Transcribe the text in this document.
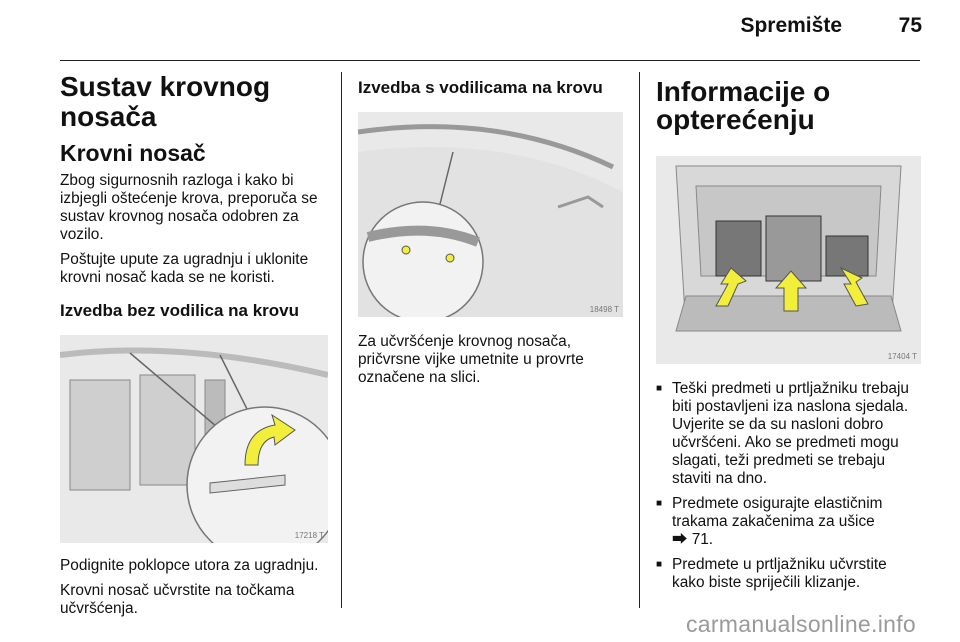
Spremište	75
Sustav krovnog nosača
Krovni nosač

Zbog sigurnosnih razloga i kako bi izbjegli oštećenje krova, preporuča se sustav krovnog nosača odobren za vozilo.

Poštujte upute za ugradnju i uklonite krovni nosač kada se ne koristi.

Izvedba bez vodilica na krovu
17218 T

Podignite poklopce utora za ugradnju.

Krovni nosač učvrstite na točkama učvršćenja.

Izvedba s vodilicama na krovu
18498 T

Za učvršćenje krovnog nosača, pričvrsne vijke umetnite u provrte označene na slici.

Informacije o opterećenju
17404 T
■ Teški predmeti u prtljažniku trebaju biti postavljeni iza naslona sjedala. Uvjerite se da su nasloni dobro učvršćeni. Ako se predmeti mogu slagati, teži predmeti se trebaju staviti na dno.
■ Predmete osigurajte elastičnim trakama zakačenima za ušice
⮕ 71.
■ Predmete u prtljažniku učvrstite kako biste spriječili klizanje.
carmanualsonline.info
